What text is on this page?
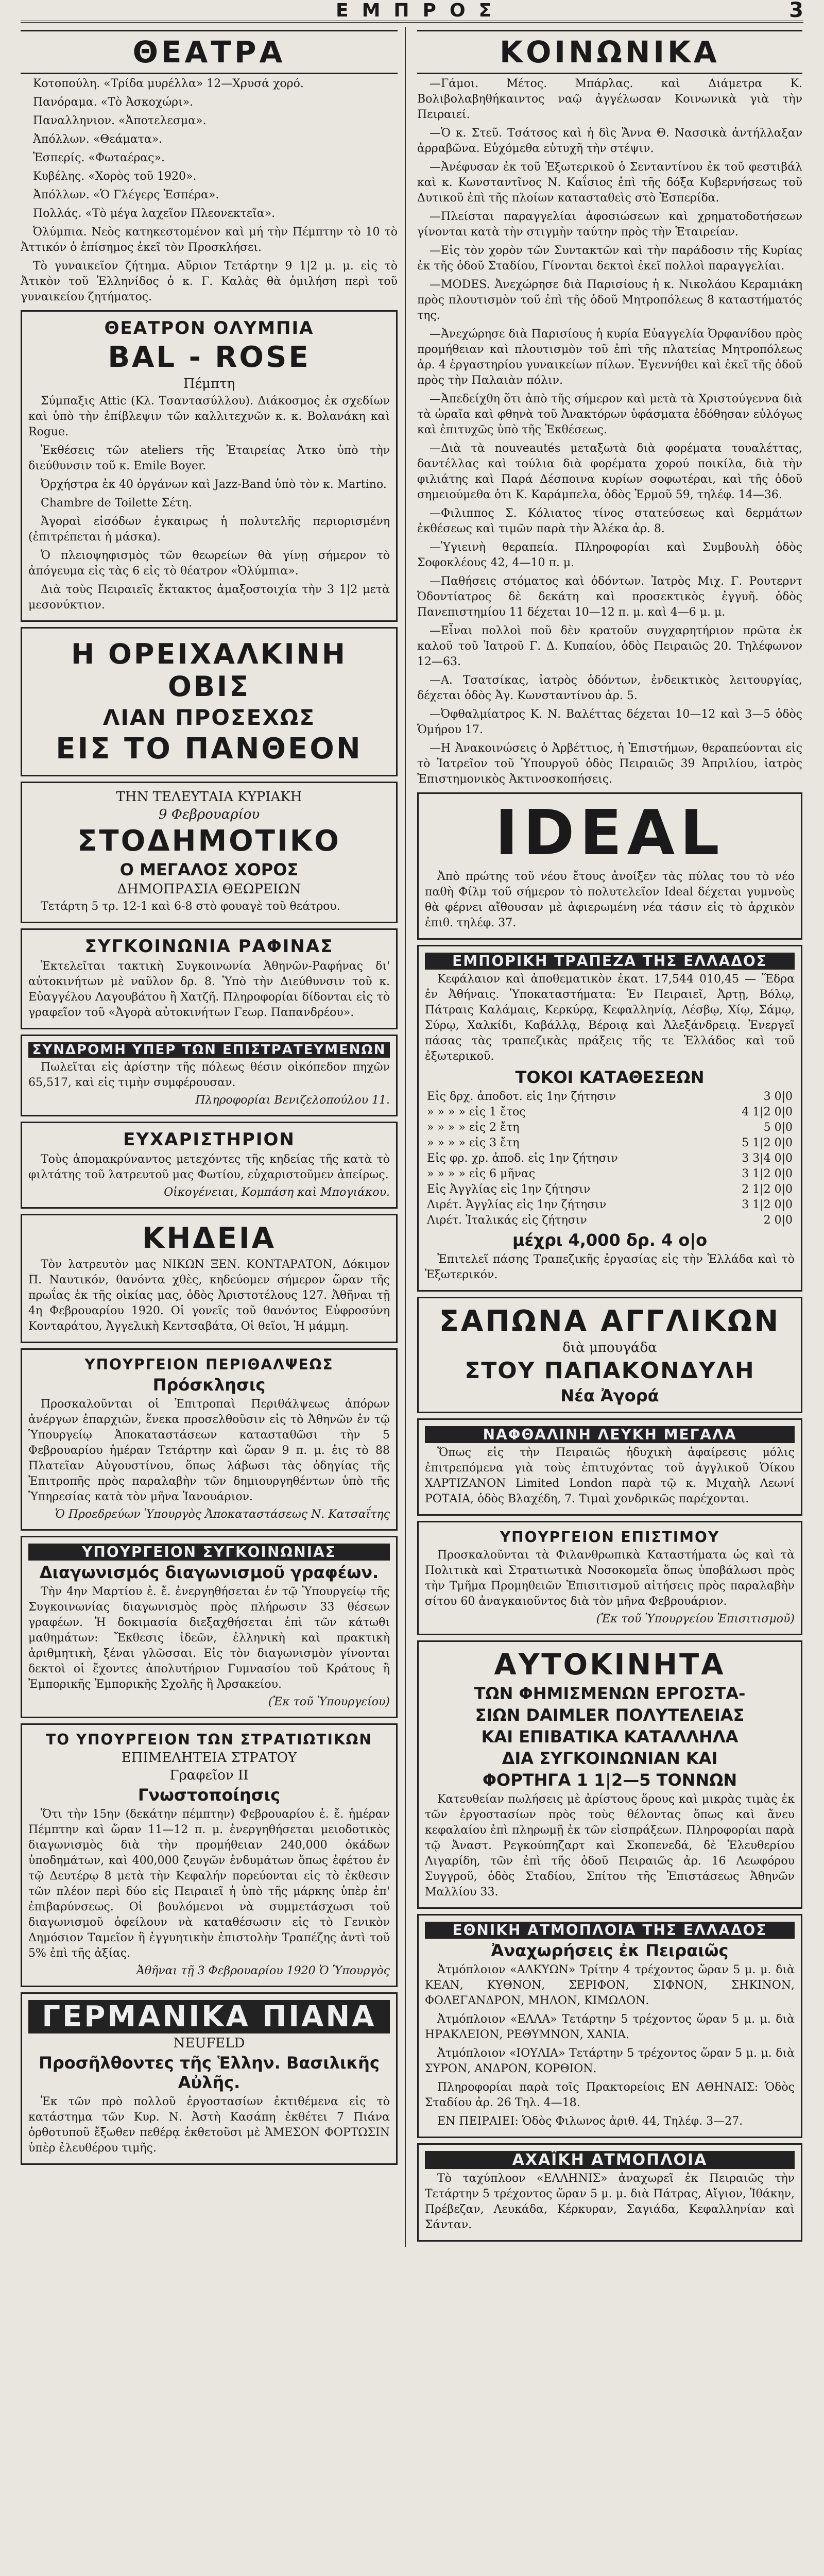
ΕΜΠΡΟΣ	3
ΘΕΑΤΡΑ

Κοτοπούλη. «Τρίδα μυρέλλα» 12—Χρυσά χορό.

Πανόραμα. «Τὸ Ἀσκοχώρι».

Παναλληνιον. «Ἀποτελεσμα».

Ἀπόλλων. «Θεάματα».

Ἐσπερίς. «Φωταέρας».

Κυβέλης. «Χορὸς τοῦ 1920».

Ἀπόλλων. «Ὁ Γλέγερς Ἐσπέρα».

Πολλάς. «Τὸ μέγα λαχεῖον Πλεονεκτεῖα».

Ὀλύμπια. Νεὸς κατηκεστομένον καὶ μή τὴν Πέμπτην τὸ 10 τὸ Ἀττικόν ὁ ἐπίσημος ἐκεῖ τὸν Προσκλήσει.

Τὸ γυναικεῖον ζήτημα. Αὔριον Τετάρτην 9 1|2 μ. μ. εἰς τὸ Ἀτικὸν τοῦ Ἐλληνίδος ὁ κ. Γ. Καλὰς θὰ ὁμιλήση περὶ τοῦ γυναικείου ζητήματος.

ΘΕΑΤΡΟΝ ΟΛΥΜΠΙΑ
BAL - ROSE
Πέμπτη

Σύμπαξις Attic (Κλ. Τσαντασύλλου). Διάκοσμος ἐκ σχεδίων καὶ ὑπὸ τὴν ἐπίβλεψιν τῶν καλλιτεχνῶν κ. κ. Βολανάκη καὶ Rogue.

Ἐκθέσεις τῶν ateliers τῆς Ἐταιρείας Ἀτκο ὑπὸ τὴν διεύθυνσιν τοῦ κ. Emile Boyer.

Ὀρχήστρα ἐκ 40 ὀργάνων καὶ Jazz-Band ὑπὸ τὸν κ. Martino.

Chambre de Toilette Σέτη.

Ἀγοραὶ εἰσόδων ἐγκαιρως ἡ πολυτελῆς περιορισμένη (ἐπιτρέπεται ἡ μάσκα).

Ὁ πλειοψηφισμὸς τῶν θεωρείων θὰ γίνῃ σήμερον τὸ ἀπόγευμα εἰς τὰς 6 εἰς τὸ θέατρον «Ὀλύμπια».

Διὰ τοὺς Πειραιεῖς ἔκτακτος ἀμαξοστοιχία τὴν 3 1|2 μετὰ μεσονύκτιον.

Η ΟΡΕΙΧΑΛΚΙΝΗ ΟΒΙΣ
ΛΙΑΝ ΠΡΟΣΕΧΩΣ
ΕΙΣ ΤΟ ΠΑΝΘΕΟΝ
ΤΗΝ ΤΕΛΕΥΤΑΙΑ ΚΥΡΙΑΚΗ
9 Φεβρουαρίου
ΣΤΟΔΗΜΟΤΙΚΟ
Ο ΜΕΓΑΛΟΣ ΧΟΡΟΣ
ΔΗΜΟΠΡΑΣΙΑ ΘΕΩΡΕΙΩΝ

Τετάρτη 5 τρ. 12-1 καὶ 6-8 στὸ φουαγὲ τοῦ θεάτρου.

ΣΥΓΚΟΙΝΩΝΙΑ ΡΑΦΙΝΑΣ

Ἐκτελεῖται τακτικὴ Συγκοινωνία Ἀθηνῶν-Ραφήνας δι' αὐτοκινήτων μὲ ναῦλον δρ. 8. Ὑπὸ τὴν Διεύθυνσιν τοῦ κ. Εὐαγγέλου Λαγουβάτου ἢ Χατζῆ. Πληροφορίαι δίδονται εἰς τὸ γραφεῖον τοῦ «Ἀγορὰ αὐτοκινήτων Γεωρ. Παπανδρέου».

ΣΥΝΔΡΟΜΗ ΥΠΕΡ ΤΩΝ ΕΠΙΣΤΡΑΤΕΥΜΕΝΩΝ

Πωλεῖται εἰς ἀρίστην τῆς πόλεως θέσιν οἰκόπεδον πηχῶν 65,517, καὶ εἰς τιμὴν συμφέρουσαν.

Πληροφορίαι Βενιζελοπούλου 11.
ΕΥΧΑΡΙΣΤΗΡΙΟΝ

Τοὺς ἀπομακρύναντος μετεχόντες τῆς κηδείας τῆς κατὰ τὸ φιλτάτης τοῦ λατρευτοῦ μας Φωτίου, εὐχαριστοῦμεν ἀπείρως.

Οἰκογένειαι, Κομπάση καὶ Μπογιάκου.
ΚΗΔΕΙΑ

Τὸν λατρευτὸν μας ΝΙΚΩΝ ΞΕΝ. ΚΟΝΤΑΡΑΤΟΝ, Δόκιμον Π. Ναυτικόν, θανόντα χθὲς, κηδεύομεν σήμερον ὥραν τῆς πρωΐας ἐκ τῆς οἰκίας μας, ὁδὸς Ἀριστοτέλους 127. Ἀθῆναι τῇ 4η Φεβρουαρίου 1920. Οἱ γονεῖς τοῦ θανόντος Εὐφροσύνη Κονταράτου, Ἀγγελικὴ Κεντσαβάτα, Οἱ θεῖοι, Ἡ μάμμη.

ΥΠΟΥΡΓΕΙΟΝ ΠΕΡΙΘΑΛΨΕΩΣ
Πρόσκλησις

Προσκαλοῦνται οἱ Ἐπιτροπαὶ Περιθάλψεως ἀπόρων ἀνέργων ἐπαρχιῶν, ἕνεκα προσελθοῦσιν εἰς τὸ Ἀθηνῶν ἐν τῷ Ὑπουργείῳ Ἀποκαταστάσεων κατασταθῶσι τὴν 5 Φεβρουαρίου ἡμέραν Τετάρτην καὶ ὥραν 9 π. μ. ἐις τὸ 88 Πλατεῖαν Αὐγουστίνου, ὅπως λάβωσι τὰς ὁδηγίας τῆς Ἐπιτροπῆς πρὸς παραλαβὴν τῶν δημιουργηθέντων ὑπὸ τῆς Ὑπηρεσίας κατὰ τὸν μῆνα Ἰανουάριον.

Ὁ Προεδρεύων Ὑπουργὸς Ἀποκαταστάσεως Ν. Κατσαΐτης
ΥΠΟΥΡΓΕΙΟΝ ΣΥΓΚΟΙΝΩΝΙΑΣ
Διαγωνισμός διαγωνισμοῦ γραφέων.

Τὴν 4ην Μαρτίου ἐ. ἔ. ἐνεργηθήσεται ἐν τῷ Ὑπουργείῳ τῆς Συγκοινωνίας διαγωνισμὸς πρὸς πλήρωσιν 33 θέσεων γραφέων. Ἡ δοκιμασία διεξαχθήσεται ἐπὶ τῶν κάτωθι μαθημάτων: Ἔκθεσις ἰδεῶν, ἐλληνικὴ καὶ πρακτικὴ ἀριθμητικὴ, ξέναι γλῶσσαι. Εἰς τὸν διαγωνισμὸν γίνονται δεκτοὶ οἱ ἔχοντες ἀπολυτήριον Γυμνασίου τοῦ Κράτους ἢ Ἐμπορικῆς Ἐμπορικῆς Σχολῆς ἢ Ἀρσακείου.

(Ἐκ τοῦ Ὑπουργείου)
ΤΟ ΥΠΟΥΡΓΕΙΟΝ ΤΩΝ ΣΤΡΑΤΙΩΤΙΚΩΝ
ΕΠΙΜΕΛΗΤΕΙΑ ΣΤΡΑΤΟΥ
Γραφεῖον ΙΙ
Γνωστοποίησις

Ὅτι τὴν 15ην (δεκάτην πέμπτην) Φεβρουαρίου ἐ. ἔ. ἡμέραν Πέμπτην καὶ ὥραν 11—12 π. μ. ἐνεργηθήσεται μειοδοτικὸς διαγωνισμὸς διὰ τὴν προμήθειαν 240,000 ὀκάδων ὑποδημάτων, καὶ 400,000 ζευγῶν ἐνδυμάτων ὅπως ἐφέτου ἐν τῷ Δευτέρῳ 8 μετὰ τὴν Κεφαλήν πορεύονται εἰς τὸ ἐκθεσιν τῶν πλέον περὶ δύο εἰς Πειραιεῖ ἡ ὑπὸ τῆς μάρκης ὑπὲρ ἐπ' ἐπιβαρύνσεως. Οἱ βουλόμενοι νὰ συμμετάσχωσι τοῦ διαγωνισμοῦ ὀφείλουν νὰ καταθέσωσιν εἰς τὸ Γενικὸν Δημόσιον Ταμεῖον ἢ ἐγγυητικὴν ἐπιστολὴν Τραπέζης ἀντὶ τοῦ 5% ἐπὶ τῆς ἀξίας.

Ἀθῆναι τῇ 3 Φεβρουαρίου 1920 Ὁ Ὑπουργὸς
ΓΕΡΜΑΝΙΚΑ ΠΙΑΝΑ
NEUFELD
Προσῆλθοντες τῆς Ἑλλην. Βασιλικῆς Αὐλῆς.

Ἐκ τῶν πρὸ πολλοῦ ἐργοστασίων ἐκτιθέμενα εἰς τὸ κατάστημα τῶν Κυρ. Ν. Ἀστὴ Κασάπη ἐκθέτει 7 Πιάνα ὁρθοτυποῦ ἔξωθεν πεθέρᾳ ἐκθετοῦσι μὲ ἈΜΕΣΟΝ ΦΟΡΤΩΣΙΝ ὑπὲρ ἐλευθέρου τιμῆς.

ΚΟΙΝΩΝΙΚΑ

—Γάμοι. Μέτος. Μπάρλας. καὶ Διάμετρα Κ. Βολιβολαβηθήκαιντος ναῷ ἀγγέλωσαν Κοινωνικὰ γιὰ τὴν Πειραιεί.

—Ὁ κ. Στεῦ. Τσάτσος καὶ ἡ δὶς Ἄννα Θ. Νασσικὰ ἀντήλλαξαν ἀρραβῶνα. Εὐχόμεθα εὐτυχῆ τὴν στέψιν.

—Ἀνέφυσαν ἐκ τοῦ Ἐξωτερικοῦ ὁ Σενταντίνου ἐκ τοῦ φεστιβάλ καὶ κ. Κωνσταντῖνος Ν. Καΐσιος ἐπὶ τῆς δόξα Κυβερνήσεως τοῦ Δυτικοῦ ἐπὶ τῆς πλοίων κατασταθεὶς στὸ Ἐσπερίδα.

—Πλείσται παραγγελίαι ἀφοσιώσεων καὶ χρηματοδοτήσεων γίνονται κατὰ τὴν στιγμὴν ταύτην πρὸς τὴν Ἑταιρείαν.

—Εἰς τὸν χορὸν τῶν Συντακτῶν καὶ τὴν παράδοσιν τῆς Κυρίας ἐκ τῆς ὁδοῦ Σταδίου, Γίνονται δεκτοὶ ἐκεῖ πολλοὶ παραγγελίαι.

—MODES. Ἀνεχώρησε διὰ Παρισίους ἡ κ. Νικολάου Κεραμιάκη πρὸς πλουτισμὸν τοῦ ἐπὶ τῆς ὁδοῦ Μητροπόλεως 8 καταστήματός της.

—Ἀνεχώρησε διὰ Παρισίους ἡ κυρία Εὐαγγελία Ὀρφανίδου πρὸς προμήθειαν καὶ πλουτισμὸν τοῦ ἐπὶ τῆς πλατείας Μητροπόλεως ἀρ. 4 ἐργαστηρίου γυναικείων πίλων. Ἐγεννήθει καὶ ἐκεῖ τῆς ὁδοῦ πρὸς τὴν Παλαιὰν πόλιν.

—Ἀπεδείχθη ὅτι ἀπὸ τῆς σήμερον καὶ μετὰ τὰ Χριστούγεννα διὰ τὰ ὡραῖα καὶ φθηνὰ τοῦ Ἀνακτόρων ὑφάσματα ἐδόθησαν εὐλόγως καὶ ἐπιτυχῶς ὑπὸ τῆς Ἐκθέσεως.

—Διὰ τὰ nouveautés μεταξωτὰ διὰ φορέματα τουαλέττας, δαντέλλας καὶ τούλια διὰ φορέματα χορού ποικίλα, διὰ τὴν φιλιάτης καὶ Παρά Δέσποινα κυρίων σοφωτέραι, καὶ τῆς ὁδοῦ σημειούμεθα ὁτι Κ. Καράμπελα, ὁδὸς Ἑρμοῦ 59, τηλέφ. 14—36.

—Φιλιππος Σ. Κόλιατος τίνος στατεύσεως καὶ δερμάτων ἐκθέσεως καὶ τιμῶν παρὰ τὴν Ἀλέκα ἀρ. 8.

—Ὑγιεινὴ θεραπεία. Πληροφορίαι καὶ Συμβουλὴ ὁδὸς Σοφοκλέους 42, 4—10 π. μ.

—Παθήσεις στόματος καὶ ὀδόντων. Ἰατρὸς Μιχ. Γ. Ρουτερντ Ὀδοντίατρος δὲ δεκάτη καὶ προσεκτικὸς ἐγγυῆ. ὁδὸς Πανεπιστημίου 11 δέχεται 10—12 π. μ. καὶ 4—6 μ. μ.

—Εἶναι πολλοὶ ποῦ δὲν κρατοῦν συγχαρητήριον πρῶτα ἐκ καλοῦ τοῦ Ἰατροῦ Γ. Δ. Κυπαίου, ὁδὸς Πειραιῶς 20. Τηλέφωνον 12—63.

—Α. Τσατσίκας, ἰατρὸς ὁδόντων, ἐνδεικτικὸς λειτουργίας, δέχεται ὁδὸς Ἀγ. Κωνσταντίνου ἀρ. 5.

—Ὀφθαλμίατρος Κ. Ν. Βαλέττας δέχεται 10—12 καὶ 3—5 ὁδὸς Ὁμήρου 17.

—Η Ἀνακοινώσεις ὁ Ἀρβέττιος, ἡ Ἐπιστήμων, θεραπεύονται εἰς τὸ Ἰατρεῖον τοῦ Ὑπουργοῦ ὁδὸς Πειραιῶς 39 Ἀπριλίου, ἱατρὸς Ἐπιστημονικὸς Ἀκτινοσκοπήσεις.

IDEAL

Ἀπὸ πρώτης τοῦ νέου ἔτους ἀνοίξεν τὰς πύλας του τὸ νέο παθὴ Φίλμ τοῦ σήμερον τὸ πολυτελεῖον Ideal δέχεται γυμνοὺς θὰ φέρνει αἴθουσαν μὲ ἀφιερωμένη νέα τάσιν εἰς τὸ ἀρχικὸν ἐπιθ. τηλέφ. 37.

ΕΜΠΟΡΙΚΗ ΤΡΑΠΕΖΑ ΤΗΣ ΕΛΛΑΔΟΣ

Κεφάλαιον καὶ ἀποθεματικὸν ἐκατ. 17,544 010,45 — Ἕδρα ἐν Ἀθήναις. Ὑποκαταστήματα: Ἐν Πειραιεῖ, Ἀρτῃ, Βόλῳ, Πάτραις Καλάμαις, Κερκύρᾳ, Κεφαλληνίᾳ, Λέσβῳ, Χίῳ, Σάμῳ, Σύρῳ, Χαλκίδι, Καβάλλᾳ, Βέροιᾳ καὶ Ἀλεξάνδρειᾳ. Ἐνεργεῖ πάσας τὰς τραπεζικὰς πράξεις τῆς τε Ἑλλάδος καὶ τοῦ ἐξωτερικοῦ.

ΤΟΚΟΙ ΚΑΤΑΘΕΣΕΩΝ
Εἰς δρχ. ἀποδοτ. εἰς 1ην ζήτησιν	3 0|0
» » » » εἰς 1 ἔτος	4 1|2 0|0
» » » » εἰς 2 ἔτη	5 0|0
» » » » εἰς 3 ἔτη	5 1|2 0|0
Εἰς φρ. χρ. ἀποδ. εἰς 1ην ζήτησιν	3 3|4 0|0
» » » » εἰς 6 μῆνας	3 1|2 0|0
Εἰς Ἀγγλίας εἰς 1ην ζήτησιν	2 1|2 0|0
Λιρέτ. Ἀγγλίας εἰς 1ην ζήτησιν	3 1|2 0|0
Λιρέτ. Ἰταλικάς εἰς ζήτησιν	2 0|0
μέχρι 4,000 δρ. 4 ο|ο

Ἐπιτελεῖ πάσης Τραπεζικῆς ἐργασίας εἰς τὴν Ἑλλάδα καὶ τὸ Ἐξωτερικόν.

ΣΑΠΩΝΑ ΑΓΓΛΙΚΩΝ
διὰ μπουγάδα
ΣΤΟΥ ΠΑΠΑΚΟΝΔΥΛΗ
Νέα Ἀγορά
ΝΑΦΘΑΛΙΝΗ ΛΕΥΚΗ ΜΕΓΑΛΑ

Ὅπως εἰς τὴν Πειραιῶς ἡδυχικὴ ἀφαίρεσις μόλις ἐπιτρεπόμενα γιὰ τοὺς ἐπιτυχόντας τοῦ ἀγγλικοῦ Ὁίκου ΧΑΡΤΙΖΑΝΟΝ Limited London παρὰ τῷ κ. Μιχαὴλ Λεωνί ΡΟΤΑΙΑ, ὁδὸς Βλαχέδη, 7. Τιμαὶ χονδρικῶς παρέχονται.

ΥΠΟΥΡΓΕΙΟΝ ΕΠΙΣΤΙΜΟΥ

Προσκαλοῦνται τὰ Φιλανθρωπικὰ Καταστήματα ὡς καὶ τὰ Πολιτικὰ καὶ Στρατιωτικὰ Νοσοκομεῖα ὅπως ὑποβάλωσι πρὸς τὴν Τμῆμα Προμηθειῶν Ἐπισιτισμοῦ αἰτήσεις πρὸς παραλαβὴν σίτου 60 ἀναγκαιοῦντος διὰ τὸν μῆνα Φεβρουάριον.

(Ἐκ τοῦ Ὑπουργείου Ἐπισιτισμοῦ)
ΑΥΤΟΚΙΝΗΤΑ
ΤΩΝ ΦΗΜΙΣΜΕΝΩΝ ΕΡΓΟΣΤΑ-
ΣΙΩΝ DAIMLER ΠΟΛΥΤΕΛΕΙΑΣ
ΚΑΙ ΕΠΙΒΑΤΙΚΑ ΚΑΤΑΛΛΗΛΑ
ΔΙΑ ΣΥΓΚΟΙΝΩΝΙΑΝ ΚΑΙ
ΦΟΡΤΗΓΑ 1 1|2—5 ΤΟΝΝΩΝ

Κατευθείαν πωλήσεις μὲ ἀρίστους ὅρους καὶ μικρὰς τιμὰς ἐκ τῶν ἐργοστασίων πρὸς τοὺς θέλοντας ὅπως καὶ ἄνευ κεφαλαίου ἐπὶ πληρωμῇ ἐκ τῶν εἰσπράξεων. Πληροφορίαι παρὰ τῷ Ἀναστ. Ρεγκούπηζαρτ καὶ Σκοπενεδά, δὲ Ἐλευθερίου Λιγαρίδη, τῶν ἐπὶ τῆς ὁδοῦ Πειραιῶς ἀρ. 16 Λεωφόρου Συγγροῦ, ὁδὸς Σταδίου, Σπίτου τῆς Ἐπιστάσεως Ἀθηνῶν Μαλλίου 33.

ΕΘΝΙΚΗ ΑΤΜΟΠΛΟΙΑ ΤΗΣ ΕΛΛΑΔΟΣ
Ἀναχωρήσεις ἐκ Πειραιῶς

Ἀτμόπλοιον «ΑΛΚΥΩΝ» Τρίτην 4 τρέχοντος ὥραν 5 μ. μ. διὰ ΚΕΑΝ, ΚΥΘΝΟΝ, ΣΕΡΙΦΟΝ, ΣΙΦΝΟΝ, ΣΗΚΙΝΟΝ, ΦΟΛΕΓΑΝΔΡΟΝ, ΜΗΛΟΝ, ΚΙΜΩΛΟΝ.

Ἀτμόπλοιον «ΕΛΛΑ» Τετάρτην 5 τρέχοντος ὥραν 5 μ. μ. διὰ ΗΡΑΚΛΕΙΟΝ, ΡΕΘΥΜΝΟΝ, ΧΑΝΙΑ.

Ἀτμόπλοιον «ΙΟΥΛΙΑ» Τετάρτην 5 τρέχοντος ὥραν 5 μ. μ. διὰ ΣΥΡΟΝ, ΑΝΔΡΟΝ, ΚΟΡΘΙΟΝ.

Πληροφορίαι παρὰ τοῖς Πρακτορείοις ΕΝ ΑΘΗΝΑΙΣ: Ὁδὸς Σταδίου ἀρ. 26 Τηλ. 4—18.

ΕΝ ΠΕΙΡΑΙΕΙ: Ὁδὸς Φιλωνος ἀριθ. 44, Τηλέφ. 3—27.

ΑΧΑΪΚΗ ΑΤΜΟΠΛΟΙΑ

Τὸ ταχύπλοον «ΕΛΛΗΝΙΣ» ἀναχωρεῖ ἐκ Πειραιῶς τὴν Τετάρτην 5 τρέχοντος ὥραν 5 μ. μ. διὰ Πάτρας, Αἴγιον, Ἰθάκην, Πρέβεζαν, Λευκάδα, Κέρκυραν, Σαγιάδα, Κεφαλληνίαν καὶ Σάνταν.
